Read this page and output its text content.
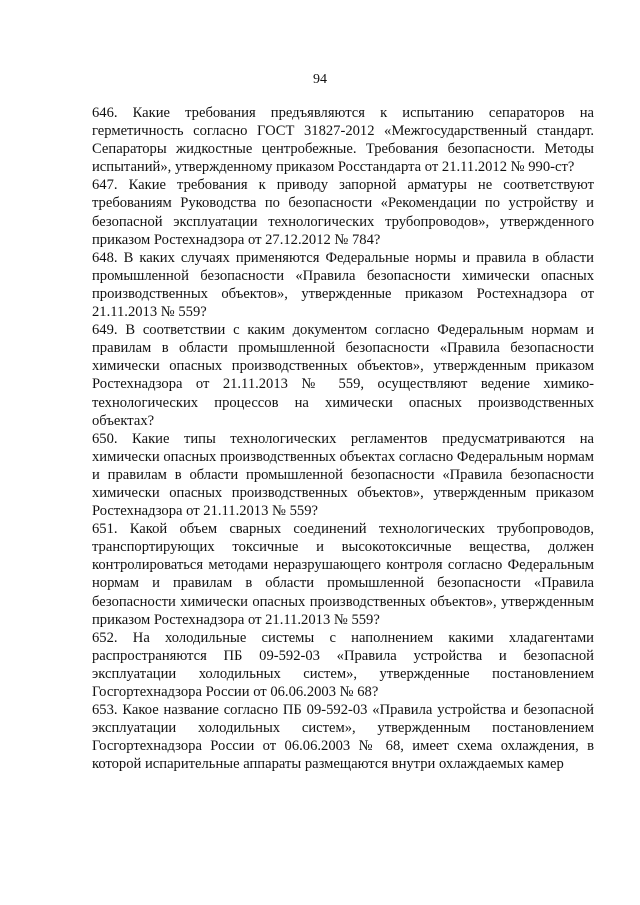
94

646. Какие требования предъявляются к испытанию сепараторов на герметичность согласно ГОСТ 31827-2012 «Межгосударственный стандарт. Сепараторы жидкостные центробежные. Требования безопасности. Методы испытаний», утвержденному приказом Росстандарта от 21.11.2012 № 990-ст?

647. Какие требования к приводу запорной арматуры не соответствуют требованиям Руководства по безопасности «Рекомендации по устройству и безопасной эксплуатации технологических трубопроводов», утвержденного приказом Ростехнадзора от 27.12.2012 № 784?

648. В каких случаях применяются Федеральные нормы и правила в области промышленной безопасности «Правила безопасности химически опасных производственных объектов», утвержденные приказом Ростехнадзора от 21.11.2013 № 559?

649. В соответствии с каким документом согласно Федеральным нормам и правилам в области промышленной безопасности «Правила безопасности химически опасных производственных объектов», утвержденным приказом Ростехнадзора от 21.11.2013 № 559, осуществляют ведение химико-технологических процессов на химически опасных производственных объектах?

650. Какие типы технологических регламентов предусматриваются на химически опасных производственных объектах согласно Федеральным нормам и правилам в области промышленной безопасности «Правила безопасности химически опасных производственных объектов», утвержденным приказом Ростехнадзора от 21.11.2013 № 559?

651. Какой объем сварных соединений технологических трубопроводов, транспортирующих токсичные и высокотоксичные вещества, должен контролироваться методами неразрушающего контроля согласно Федеральным нормам и правилам в области промышленной безопасности «Правила безопасности химически опасных производственных объектов», утвержденным приказом Ростехнадзора от 21.11.2013 № 559?

652. На холодильные системы с наполнением какими хладагентами распространяются ПБ 09-592-03 «Правила устройства и безопасной эксплуатации холодильных систем», утвержденные постановлением Госгортехнадзора России от 06.06.2003 № 68?

653. Какое название согласно ПБ 09-592-03 «Правила устройства и безопасной эксплуатации холодильных систем», утвержденным постановлением Госгортехнадзора России от 06.06.2003 № 68, имеет схема охлаждения, в которой испарительные аппараты размещаются внутри охлаждаемых камер
